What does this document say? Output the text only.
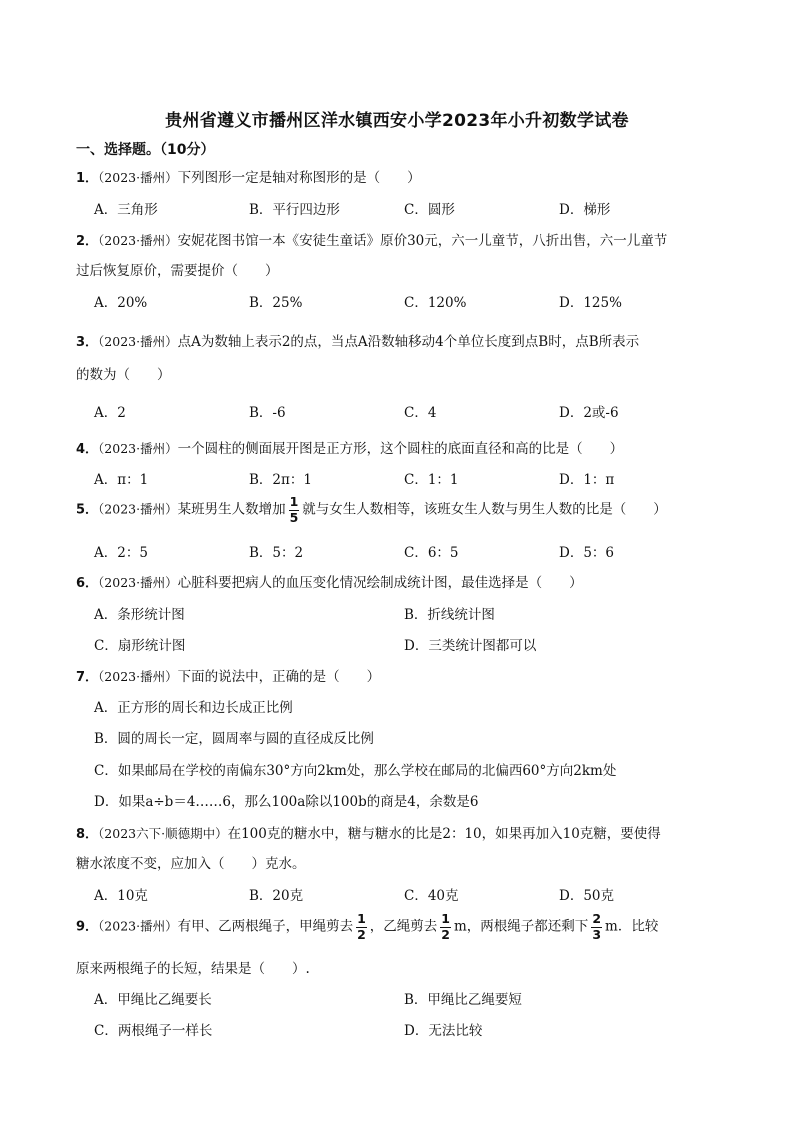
贵州省遵义市播州区洋水镇西安小学2023年小升初数学试卷
一、选择题。（10分）
1．（2023·播州）下列图形一定是轴对称图形的是（　　）
A．三角形	B．平行四边形	C．圆形	D．梯形
2．（2023·播州）安妮花图书馆一本《安徒生童话》原价30元，六一儿童节，八折出售，六一儿童节
过后恢复原价，需要提价（　　）
A．20%	B．25%	C．120%	D．125%
3．（2023·播州）点A为数轴上表示2的点，当点A沿数轴移动4个单位长度到点B时，点B所表示
的数为（　　）
A．2	B．-6	C．4	D．2或-6
4．（2023·播州）一个圆柱的侧面展开图是正方形，这个圆柱的底面直径和高的比是（　　）
A．π：1	B．2π：1	C．1：1	D．1：π
5．（2023·播州）某班男生人数增加 $\frac{1}{5}$ 就与女生人数相等，该班女生人数与男生人数的比是（　　）
A．2：5	B．5：2	C．6：5	D．5：6
6．（2023·播州）心脏科要把病人的血压变化情况绘制成统计图，最佳选择是（　　）
A．条形统计图	B．折线统计图
C．扇形统计图	D．三类统计图都可以
7．（2023·播州）下面的说法中，正确的是（　　）
A．正方形的周长和边长成正比例
B．圆的周长一定，圆周率与圆的直径成反比例
C．如果邮局在学校的南偏东30°方向2km处，那么学校在邮局的北偏西60°方向2km处
D．如果a÷b＝4……6，那么100a除以100b的商是4，余数是6
8．（2023六下·顺德期中）在100克的糖水中，糖与糖水的比是2：10，如果再加入10克糖，要使得
糖水浓度不变，应加入（　　）克水。
A．10克	B．20克	C．40克	D．50克
9．（2023·播州）有甲、乙两根绳子，甲绳剪去 $\frac{1}{2}$ ，乙绳剪去 $\frac{1}{2}$ m，两根绳子都还剩下 $\frac{2}{3}$ m．比较
原来两根绳子的长短，结果是（　　）.
A．甲绳比乙绳要长	B．甲绳比乙绳要短
C．两根绳子一样长	D．无法比较
